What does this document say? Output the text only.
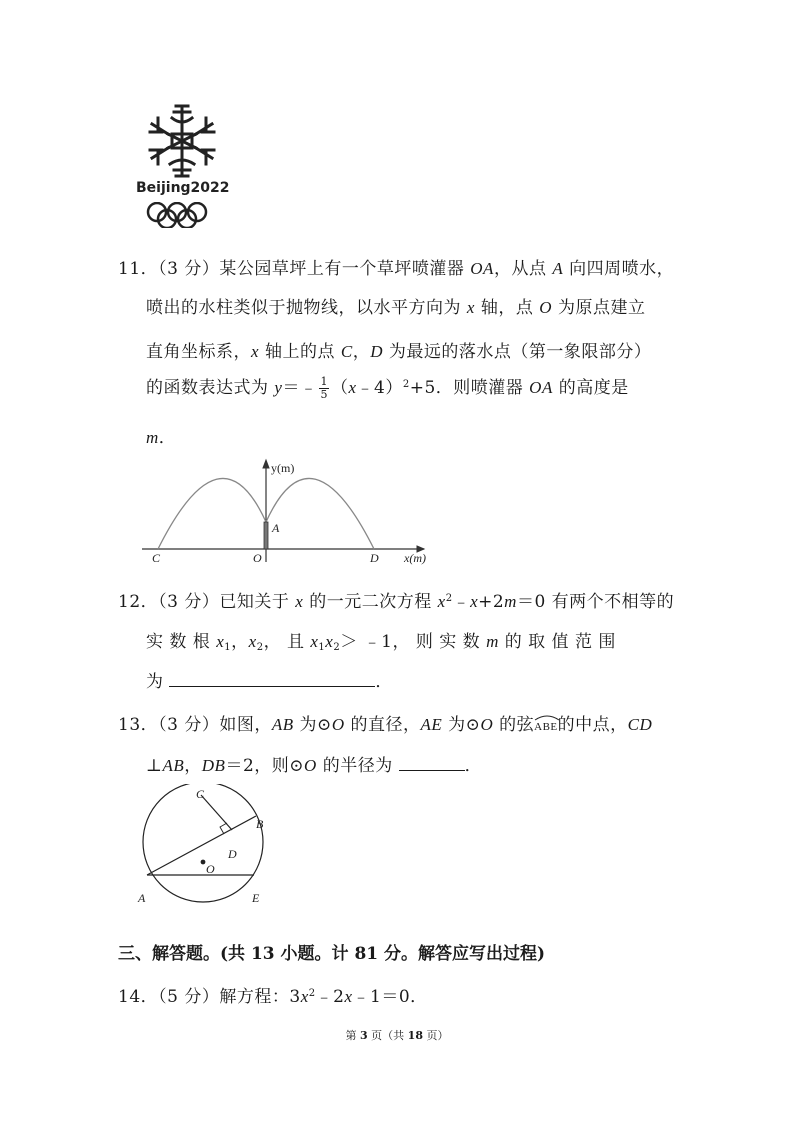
Beijing2022
11．（3 分）某公园草坪上有一个草坪喷灌器 OA，从点 A 向四周喷水，
喷出的水柱类似于抛物线，以水平方向为 x 轴，点 O 为原点建立
直角坐标系，x 轴上的点 C，D 为最远的落水点（第一象限部分）
的函数表达式为 y＝﹣ $\frac{1}{5}$ （x﹣4）$^2$+5．则喷灌器 OA 的高度是
m．
y(m)
x(m)
C	O	D
A
12．（3 分）已知关于 x 的一元二次方程 $x^2﹣x+2m=0$ 有两个不相等的
实 数 根 $x_1$，$x_2$， 且 $x_1x_2>$ ﹣1， 则 实 数 m 的 取 值 范 围
为	．
13．（3 分）如图，AB 为⊙O 的直径，AE 为⊙O 的弦
ABE的中点，CD
⊥AB，DB＝2，则⊙O 的半径为	．
C
B
D
O
A	E
三、解答题。(共 13 小题。计 81 分。解答应写出过程)
14．（5 分）解方程：$3x^2﹣2x﹣1=0$．
第 3 页（共 18 页）
